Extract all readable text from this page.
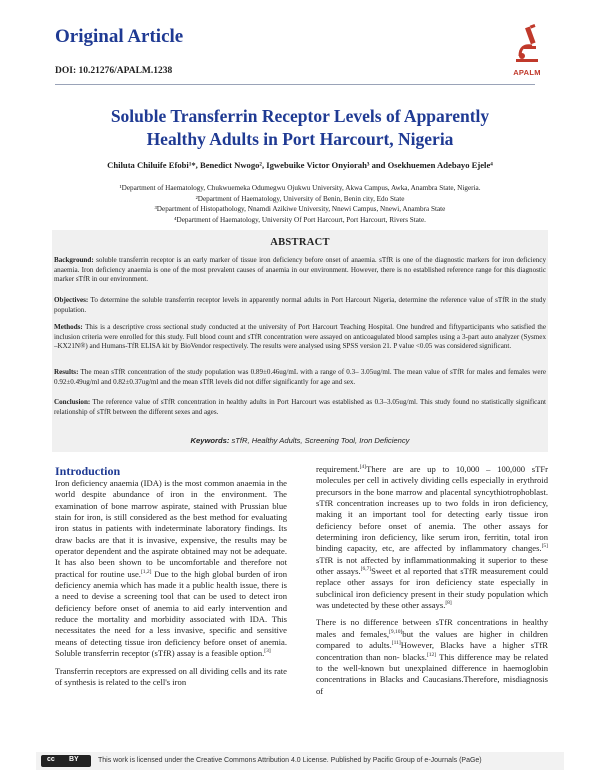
Original Article
DOI: 10.21276/APALM.1238	APALM
Soluble Transferrin Receptor Levels of Apparently
Healthy Adults in Port Harcourt, Nigeria
Chiluta Chiluife Efobi¹*, Benedict Nwogo², Igwebuike Victor Onyiorah³ and Osekhuemen Adebayo Ejele⁴
¹Department of Haematology, Chukwuemeka Odumegwu Ojukwu University, Akwa Campus, Awka, Anambra State, Nigeria.
²Department of Haematology, University of Benin, Benin city, Edo State
³Department of Histopathology, Nnamdi Azikiwe University, Nnewi Campus, Nnewi, Anambra State
⁴Department of Haematology, University Of Port Harcourt, Port Harcourt, Rivers State.
ABSTRACT
Background: soluble transferrin receptor is an early marker of tissue iron deficiency before onset of anaemia. sTfR is one of the diagnostic markers for iron deficiency anaemia. Iron deficiency anaemia is one of the most prevalent causes of anaemia in our environment. However, there is no established reference range for this diagnostic marker sTfR in our environment.
Objectives: To determine the soluble transferrin receptor levels in apparently normal adults in Port Harcourt Nigeria, determine the reference value of sTfR in the study population.
Methods: This is a descriptive cross sectional study conducted at the university of Port Harcourt Teaching Hospital. One hundred and fiftyparticipants who satisfied the inclusion criteria were enrolled for this study. Full blood count and sTfR concentration were assayed on anticoagulated blood samples using a 3-part auto analyzer (Sysmex –KX21N®) and Humans-TfR ELISA kit by BioVendor respectively. The results were analysed using SPSS version 21. P value <0.05 was considered significant.
Results: The mean sTfR concentration of the study population was 0.89±0.46ug/mL with a range of 0.3– 3.05ug/ml. The mean value of sTfR for males and females were 0.92±0.49ug/ml and 0.82±0.37ug/ml and the mean sTfR levels did not differ significantly for age and sex.
Conclusion: The reference value of sTfR concentration in healthy adults in Port Harcourt was established as 0.3–3.05ug/ml. This study found no statistically significant relationship of sTfR between the different sexes and ages.
Keywords: sTfR, Healthy Adults, Screening Tool, Iron Deficiency
Introduction

Iron deficiency anaemia (IDA) is the most common anaemia in the world despite abundance of iron in the environment. The examination of bone marrow aspirate, stained with Prussian blue stain for iron, is still considered as the best method for evaluating iron status in patients with indeterminate laboratory findings. Its draw backs are that it is invasive, expensive, the results may be operator dependent and the aspirate obtained may not be adequate. It has also been shown to be uncomfortable and therefore not practical for routine use.[1,2] Due to the high global burden of iron deficiency anemia which has made it a public health issue, there is a need to devise a screening tool that can be used to detect iron deficiency before onset of anemia to aid early intervention and reduce the mortality and morbidity associated with IDA. This necessitates the need for a less invasive, specific and sensitive means of detecting tissue iron deficiency before onset of anemia. Soluble transferrin receptor (sTfR) assay is a feasible option.[3]

Transferrin receptors are expressed on all dividing cells and its rate of synthesis is related to the cell's iron

requirement.[4]There are are up to 10,000 – 100,000 sTFr molecules per cell in actively dividing cells especially in erythroid precursors in the bone marrow and placental syncythiotrophoblast. sTfR concentration increases up to two folds in iron deficiency, making it an important tool for detecting early tissue iron deficiency before onset of anemia. The other assays for determining iron deficiency, like serum iron, ferritin, total iron binding capacity, etc, are affected by inflammatory changes.[5] sTfR is not affected by inflammationmaking it superior to these other assays.[6,7]Sweet et al reported that sTfR measurement could replace other assays for iron deficiency state especially in subclinical iron deficiency present in their study population which was undetected by these other assays.[8]

There is no difference between sTfR concentrations in healthy males and females,[9,10]but the values are higher in children compared to adults.[11]However, Blacks have a higher sTfR concentration than non- blacks.[12] This difference may be related to the well-known but unexplained difference in haemoglobin concentrations in Blacks and Caucasians.Therefore, misdiagnosis of

cc BY	This work is licensed under the Creative Commons Attribution 4.0 License. Published by Pacific Group of e-Journals (PaGe)
